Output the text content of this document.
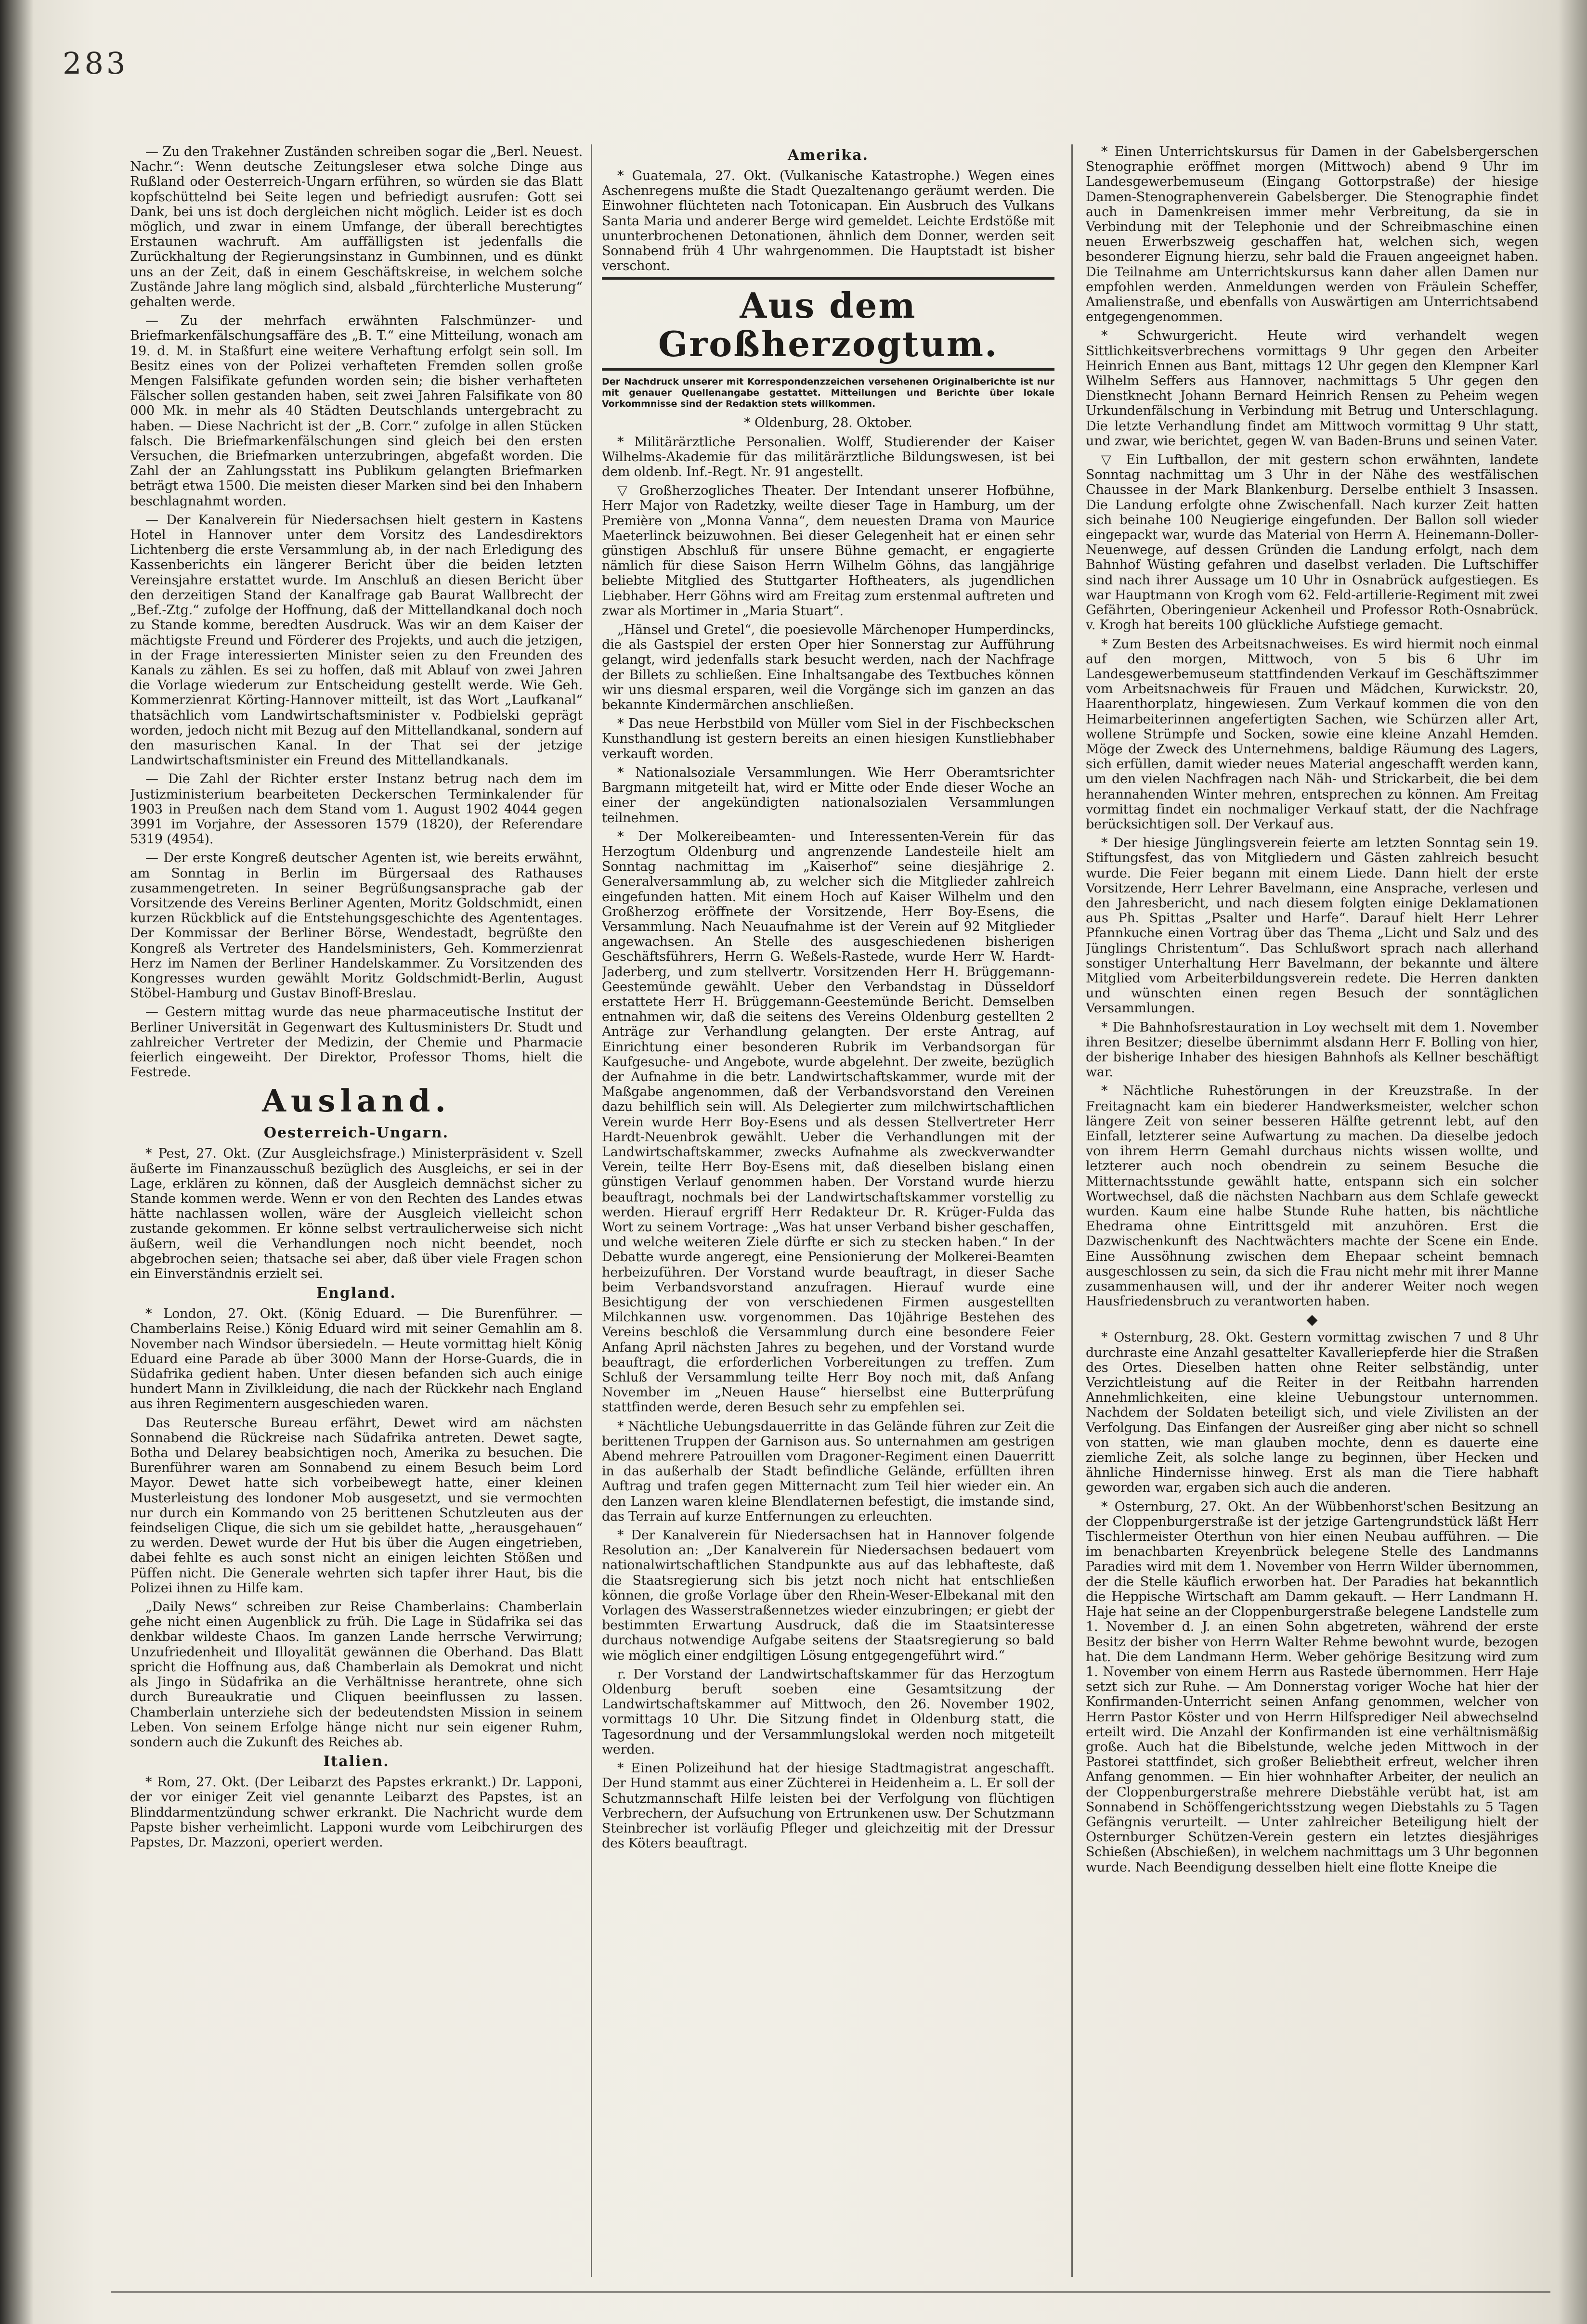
283

— Zu den Trakehner Zuständen schreiben sogar die „Berl. Neuest. Nachr.“: Wenn deutsche Zeitungsleser etwa solche Dinge aus Rußland oder Oesterreich-Ungarn erführen, so würden sie das Blatt kopfschüttelnd bei Seite legen und befriedigt ausrufen: Gott sei Dank, bei uns ist doch dergleichen nicht möglich. Leider ist es doch möglich, und zwar in einem Umfange, der überall berechtigtes Erstaunen wachruft. Am auffälligsten ist jedenfalls die Zurückhaltung der Regierungsinstanz in Gumbinnen, und es dünkt uns an der Zeit, daß in einem Geschäftskreise, in welchem solche Zustände Jahre lang möglich sind, alsbald „fürchterliche Musterung“ gehalten werde.

— Zu der mehrfach erwähnten Falschmünzer- und Briefmarkenfälschungsaffäre des „B. T.“ eine Mitteilung, wonach am 19. d. M. in Staßfurt eine weitere Verhaftung erfolgt sein soll. Im Besitz eines von der Polizei verhafteten Fremden sollen große Mengen Falsifikate gefunden worden sein; die bisher verhafteten Fälscher sollen gestanden haben, seit zwei Jahren Falsifikate von 80 000 Mk. in mehr als 40 Städten Deutschlands untergebracht zu haben. — Diese Nachricht ist der „B. Corr.“ zufolge in allen Stücken falsch. Die Briefmarkenfälschungen sind gleich bei den ersten Versuchen, die Briefmarken unterzubringen, abgefaßt worden. Die Zahl der an Zahlungsstatt ins Publikum gelangten Briefmarken beträgt etwa 1500. Die meisten dieser Marken sind bei den Inhabern beschlagnahmt worden.

— Der Kanalverein für Niedersachsen hielt gestern in Kastens Hotel in Hannover unter dem Vorsitz des Landesdirektors Lichtenberg die erste Versammlung ab, in der nach Erledigung des Kassenberichts ein längerer Bericht über die beiden letzten Vereinsjahre erstattet wurde. Im Anschluß an diesen Bericht über den derzeitigen Stand der Kanalfrage gab Baurat Wallbrecht der „Bef.-Ztg.“ zufolge der Hoffnung, daß der Mittellandkanal doch noch zu Stande komme, beredten Ausdruck. Was wir an dem Kaiser der mächtigste Freund und Förderer des Projekts, und auch die jetzigen, in der Frage interessierten Minister seien zu den Freunden des Kanals zu zählen. Es sei zu hoffen, daß mit Ablauf von zwei Jahren die Vorlage wiederum zur Entscheidung gestellt werde. Wie Geh. Kommerzienrat Körting-Hannover mitteilt, ist das Wort „Laufkanal“ thatsächlich vom Landwirtschaftsminister v. Podbielski geprägt worden, jedoch nicht mit Bezug auf den Mittellandkanal, sondern auf den masurischen Kanal. In der That sei der jetzige Landwirtschaftsminister ein Freund des Mittellandkanals.

— Die Zahl der Richter erster Instanz betrug nach dem im Justizministerium bearbeiteten Deckerschen Terminkalender für 1903 in Preußen nach dem Stand vom 1. August 1902 4044 gegen 3991 im Vorjahre, der Assessoren 1579 (1820), der Referendare 5319 (4954).

— Der erste Kongreß deutscher Agenten ist, wie bereits erwähnt, am Sonntag in Berlin im Bürgersaal des Rathauses zusammengetreten. In seiner Begrüßungsansprache gab der Vorsitzende des Vereins Berliner Agenten, Moritz Goldschmidt, einen kurzen Rückblick auf die Entstehungsgeschichte des Agententages. Der Kommissar der Berliner Börse, Wendestadt, begrüßte den Kongreß als Vertreter des Handelsministers, Geh. Kommerzienrat Herz im Namen der Berliner Handelskammer. Zu Vorsitzenden des Kongresses wurden gewählt Moritz Goldschmidt-Berlin, August Stöbel-Hamburg und Gustav Binoff-Breslau.

— Gestern mittag wurde das neue pharmaceutische Institut der Berliner Universität in Gegenwart des Kultusministers Dr. Studt und zahlreicher Vertreter der Medizin, der Chemie und Pharmacie feierlich eingeweiht. Der Direktor, Professor Thoms, hielt die Festrede.

Ausland.
Oesterreich-Ungarn.

* Pest, 27. Okt. (Zur Ausgleichsfrage.) Ministerpräsident v. Szell äußerte im Finanzausschuß bezüglich des Ausgleichs, er sei in der Lage, erklären zu können, daß der Ausgleich demnächst sicher zu Stande kommen werde. Wenn er von den Rechten des Landes etwas hätte nachlassen wollen, wäre der Ausgleich vielleicht schon zustande gekommen. Er könne selbst vertraulicherweise sich nicht äußern, weil die Verhandlungen noch nicht beendet, noch abgebrochen seien; thatsache sei aber, daß über viele Fragen schon ein Einverständnis erzielt sei.

England.

* London, 27. Okt. (König Eduard. — Die Burenführer. — Chamberlains Reise.) König Eduard wird mit seiner Gemahlin am 8. November nach Windsor übersiedeln. — Heute vormittag hielt König Eduard eine Parade ab über 3000 Mann der Horse-Guards, die in Südafrika gedient haben. Unter diesen befanden sich auch einige hundert Mann in Zivilkleidung, die nach der Rückkehr nach England aus ihren Regimentern ausgeschieden waren.

Das Reutersche Bureau erfährt, Dewet wird am nächsten Sonnabend die Rückreise nach Südafrika antreten. Dewet sagte, Botha und Delarey beabsichtigen noch, Amerika zu besuchen. Die Burenführer waren am Sonnabend zu einem Besuch beim Lord Mayor. Dewet hatte sich vorbeibewegt hatte, einer kleinen Musterleistung des londoner Mob ausgesetzt, und sie vermochten nur durch ein Kommando von 25 berittenen Schutzleuten aus der feindseligen Clique, die sich um sie gebildet hatte, „herausgehauen“ zu werden. Dewet wurde der Hut bis über die Augen eingetrieben, dabei fehlte es auch sonst nicht an einigen leichten Stößen und Püffen nicht. Die Generale wehrten sich tapfer ihrer Haut, bis die Polizei ihnen zu Hilfe kam.

„Daily News“ schreiben zur Reise Chamberlains: Chamberlain gehe nicht einen Augenblick zu früh. Die Lage in Südafrika sei das denkbar wildeste Chaos. Im ganzen Lande herrsche Verwirrung; Unzufriedenheit und Illoyalität gewännen die Oberhand. Das Blatt spricht die Hoffnung aus, daß Chamberlain als Demokrat und nicht als Jingo in Südafrika an die Verhältnisse herantrete, ohne sich durch Bureaukratie und Cliquen beeinflussen zu lassen. Chamberlain unterziehe sich der bedeutendsten Mission in seinem Leben. Von seinem Erfolge hänge nicht nur sein eigener Ruhm, sondern auch die Zukunft des Reiches ab.

Italien.

* Rom, 27. Okt. (Der Leibarzt des Papstes erkrankt.) Dr. Lapponi, der vor einiger Zeit viel genannte Leibarzt des Papstes, ist an Blinddarmentzündung schwer erkrankt. Die Nachricht wurde dem Papste bisher verheimlicht. Lapponi wurde vom Leibchirurgen des Papstes, Dr. Mazzoni, operiert werden.

Amerika.

* Guatemala, 27. Okt. (Vulkanische Katastrophe.) Wegen eines Aschenregens mußte die Stadt Quezaltenango geräumt werden. Die Einwohner flüchteten nach Totonicapan. Ein Ausbruch des Vulkans Santa Maria und anderer Berge wird gemeldet. Leichte Erdstöße mit ununterbrochenen Detonationen, ähnlich dem Donner, werden seit Sonnabend früh 4 Uhr wahrgenommen. Die Hauptstadt ist bisher verschont.

Aus dem Großherzogtum.

Der Nachdruck unserer mit Korrespondenzzeichen versehenen Originalberichte ist nur mit genauer Quellenangabe gestattet. Mitteilungen und Berichte über lokale Vorkommnisse sind der Redaktion stets willkommen.

* Oldenburg, 28. Oktober.

* Militärärztliche Personalien. Wolff, Studierender der Kaiser Wilhelms-Akademie für das militärärztliche Bildungswesen, ist bei dem oldenb. Inf.-Regt. Nr. 91 angestellt.

▽ Großherzogliches Theater. Der Intendant unserer Hofbühne, Herr Major von Radetzky, weilte dieser Tage in Hamburg, um der Première von „Monna Vanna“, dem neuesten Drama von Maurice Maeterlinck beizuwohnen. Bei dieser Gelegenheit hat er einen sehr günstigen Abschluß für unsere Bühne gemacht, er engagierte nämlich für diese Saison Herrn Wilhelm Göhns, das langjährige beliebte Mitglied des Stuttgarter Hoftheaters, als jugendlichen Liebhaber. Herr Göhns wird am Freitag zum erstenmal auftreten und zwar als Mortimer in „Maria Stuart“.

„Hänsel und Gretel“, die poesievolle Märchenoper Humperdincks, die als Gastspiel der ersten Oper hier Sonnerstag zur Aufführung gelangt, wird jedenfalls stark besucht werden, nach der Nachfrage der Billets zu schließen. Eine Inhaltsangabe des Textbuches können wir uns diesmal ersparen, weil die Vorgänge sich im ganzen an das bekannte Kindermärchen anschließen.

* Das neue Herbstbild von Müller vom Siel in der Fischbeckschen Kunsthandlung ist gestern bereits an einen hiesigen Kunstliebhaber verkauft worden.

* Nationalsoziale Versammlungen. Wie Herr Oberamtsrichter Bargmann mitgeteilt hat, wird er Mitte oder Ende dieser Woche an einer der angekündigten nationalsozialen Versammlungen teilnehmen.

* Der Molkereibeamten- und Interessenten-Verein für das Herzogtum Oldenburg und angrenzende Landesteile hielt am Sonntag nachmittag im „Kaiserhof“ seine diesjährige 2. Generalversammlung ab, zu welcher sich die Mitglieder zahlreich eingefunden hatten. Mit einem Hoch auf Kaiser Wilhelm und den Großherzog eröffnete der Vorsitzende, Herr Boy-Esens, die Versammlung. Nach Neuaufnahme ist der Verein auf 92 Mitglieder angewachsen. An Stelle des ausgeschiedenen bisherigen Geschäftsführers, Herrn G. Weßels-Rastede, wurde Herr W. Hardt-Jaderberg, und zum stellvertr. Vorsitzenden Herr H. Brüggemann-Geestemünde gewählt. Ueber den Verbandstag in Düsseldorf erstattete Herr H. Brüggemann-Geestemünde Bericht. Demselben entnahmen wir, daß die seitens des Vereins Oldenburg gestellten 2 Anträge zur Verhandlung gelangten. Der erste Antrag, auf Einrichtung einer besonderen Rubrik im Verbandsorgan für Kaufgesuche- und Angebote, wurde abgelehnt. Der zweite, bezüglich der Aufnahme in die betr. Landwirtschaftskammer, wurde mit der Maßgabe angenommen, daß der Verbandsvorstand den Vereinen dazu behilflich sein will. Als Delegierter zum milchwirtschaftlichen Verein wurde Herr Boy-Esens und als dessen Stellvertreter Herr Hardt-Neuenbrok gewählt. Ueber die Verhandlungen mit der Landwirtschaftskammer, zwecks Aufnahme als zweckverwandter Verein, teilte Herr Boy-Esens mit, daß dieselben bislang einen günstigen Verlauf genommen haben. Der Vorstand wurde hierzu beauftragt, nochmals bei der Landwirtschaftskammer vorstellig zu werden. Hierauf ergriff Herr Redakteur Dr. R. Krüger-Fulda das Wort zu seinem Vortrage: „Was hat unser Verband bisher geschaffen, und welche weiteren Ziele dürfte er sich zu stecken haben.“ In der Debatte wurde angeregt, eine Pensionierung der Molkerei-Beamten herbeizuführen. Der Vorstand wurde beauftragt, in dieser Sache beim Verbandsvorstand anzufragen. Hierauf wurde eine Besichtigung der von verschiedenen Firmen ausgestellten Milchkannen usw. vorgenommen. Das 10jährige Bestehen des Vereins beschloß die Versammlung durch eine besondere Feier Anfang April nächsten Jahres zu begehen, und der Vorstand wurde beauftragt, die erforderlichen Vorbereitungen zu treffen. Zum Schluß der Versammlung teilte Herr Boy noch mit, daß Anfang November im „Neuen Hause“ hierselbst eine Butterprüfung stattfinden werde, deren Besuch sehr zu empfehlen sei.

* Nächtliche Uebungsdauerritte in das Gelände führen zur Zeit die berittenen Truppen der Garnison aus. So unternahmen am gestrigen Abend mehrere Patrouillen vom Dragoner-Regiment einen Dauerritt in das außerhalb der Stadt befindliche Gelände, erfüllten ihren Auftrag und trafen gegen Mitternacht zum Teil hier wieder ein. An den Lanzen waren kleine Blendlaternen befestigt, die imstande sind, das Terrain auf kurze Entfernungen zu erleuchten.

* Der Kanalverein für Niedersachsen hat in Hannover folgende Resolution an: „Der Kanalverein für Niedersachsen bedauert vom nationalwirtschaftlichen Standpunkte aus auf das lebhafteste, daß die Staatsregierung sich bis jetzt noch nicht hat entschließen können, die große Vorlage über den Rhein-Weser-Elbekanal mit den Vorlagen des Wasserstraßennetzes wieder einzubringen; er giebt der bestimmten Erwartung Ausdruck, daß die im Staatsinteresse durchaus notwendige Aufgabe seitens der Staatsregierung so bald wie möglich einer endgiltigen Lösung entgegengeführt wird.“

r. Der Vorstand der Landwirtschaftskammer für das Herzogtum Oldenburg beruft soeben eine Gesamtsitzung der Landwirtschaftskammer auf Mittwoch, den 26. November 1902, vormittags 10 Uhr. Die Sitzung findet in Oldenburg statt, die Tagesordnung und der Versammlungslokal werden noch mitgeteilt werden.

* Einen Polizeihund hat der hiesige Stadtmagistrat angeschafft. Der Hund stammt aus einer Züchterei in Heidenheim a. L. Er soll der Schutzmannschaft Hilfe leisten bei der Verfolgung von flüchtigen Verbrechern, der Aufsuchung von Ertrunkenen usw. Der Schutzmann Steinbrecher ist vorläufig Pfleger und gleichzeitig mit der Dressur des Köters beauftragt.

* Einen Unterrichtskursus für Damen in der Gabelsbergerschen Stenographie eröffnet morgen (Mittwoch) abend 9 Uhr im Landesgewerbemuseum (Eingang Gottorpstraße) der hiesige Damen-Stenographenverein Gabelsberger. Die Stenographie findet auch in Damenkreisen immer mehr Verbreitung, da sie in Verbindung mit der Telephonie und der Schreibmaschine einen neuen Erwerbszweig geschaffen hat, welchen sich, wegen besonderer Eignung hierzu, sehr bald die Frauen angeeignet haben. Die Teilnahme am Unterrichtskursus kann daher allen Damen nur empfohlen werden. Anmeldungen werden von Fräulein Scheffer, Amalienstraße, und ebenfalls von Auswärtigen am Unterrichtsabend entgegengenommen.

* Schwurgericht. Heute wird verhandelt wegen Sittlichkeitsverbrechens vormittags 9 Uhr gegen den Arbeiter Heinrich Ennen aus Bant, mittags 12 Uhr gegen den Klempner Karl Wilhelm Seffers aus Hannover, nachmittags 5 Uhr gegen den Dienstknecht Johann Bernard Heinrich Rensen zu Peheim wegen Urkundenfälschung in Verbindung mit Betrug und Unterschlagung. Die letzte Verhandlung findet am Mittwoch vormittag 9 Uhr statt, und zwar, wie berichtet, gegen W. van Baden-Bruns und seinen Vater.

▽ Ein Luftballon, der mit gestern schon erwähnten, landete Sonntag nachmittag um 3 Uhr in der Nähe des westfälischen Chaussee in der Mark Blankenburg. Derselbe enthielt 3 Insassen. Die Landung erfolgte ohne Zwischenfall. Nach kurzer Zeit hatten sich beinahe 100 Neugierige eingefunden. Der Ballon soll wieder eingepackt war, wurde das Material von Herrn A. Heinemann-Doller-Neuenwege, auf dessen Gründen die Landung erfolgt, nach dem Bahnhof Wüsting gefahren und daselbst verladen. Die Luftschiffer sind nach ihrer Aussage um 10 Uhr in Osnabrück aufgestiegen. Es war Hauptmann von Krogh vom 62. Feld-artillerie-Regiment mit zwei Gefährten, Oberingenieur Ackenheil und Professor Roth-Osnabrück. v. Krogh hat bereits 100 glückliche Aufstiege gemacht.

* Zum Besten des Arbeitsnachweises. Es wird hiermit noch einmal auf den morgen, Mittwoch, von 5 bis 6 Uhr im Landesgewerbemuseum stattfindenden Verkauf im Geschäftszimmer vom Arbeitsnachweis für Frauen und Mädchen, Kurwickstr. 20, Haarenthorplatz, hingewiesen. Zum Verkauf kommen die von den Heimarbeiterinnen angefertigten Sachen, wie Schürzen aller Art, wollene Strümpfe und Socken, sowie eine kleine Anzahl Hemden. Möge der Zweck des Unternehmens, baldige Räumung des Lagers, sich erfüllen, damit wieder neues Material angeschafft werden kann, um den vielen Nachfragen nach Näh- und Strickarbeit, die bei dem herannahenden Winter mehren, entsprechen zu können. Am Freitag vormittag findet ein nochmaliger Verkauf statt, der die Nachfrage berücksichtigen soll. Der Verkauf aus.

* Der hiesige Jünglingsverein feierte am letzten Sonntag sein 19. Stiftungsfest, das von Mitgliedern und Gästen zahlreich besucht wurde. Die Feier begann mit einem Liede. Dann hielt der erste Vorsitzende, Herr Lehrer Bavelmann, eine Ansprache, verlesen und den Jahresbericht, und nach diesem folgten einige Deklamationen aus Ph. Spittas „Psalter und Harfe“. Darauf hielt Herr Lehrer Pfannkuche einen Vortrag über das Thema „Licht und Salz und des Jünglings Christentum“. Das Schlußwort sprach nach allerhand sonstiger Unterhaltung Herr Bavelmann, der bekannte und ältere Mitglied vom Arbeiterbildungsverein redete. Die Herren dankten und wünschten einen regen Besuch der sonntäglichen Versammlungen.

* Die Bahnhofsrestauration in Loy wechselt mit dem 1. November ihren Besitzer; dieselbe übernimmt alsdann Herr F. Bolling von hier, der bisherige Inhaber des hiesigen Bahnhofs als Kellner beschäftigt war.

* Nächtliche Ruhestörungen in der Kreuzstraße. In der Freitagnacht kam ein biederer Handwerksmeister, welcher schon längere Zeit von seiner besseren Hälfte getrennt lebt, auf den Einfall, letzterer seine Aufwartung zu machen. Da dieselbe jedoch von ihrem Herrn Gemahl durchaus nichts wissen wollte, und letzterer auch noch obendrein zu seinem Besuche die Mitternachtsstunde gewählt hatte, entspann sich ein solcher Wortwechsel, daß die nächsten Nachbarn aus dem Schlafe geweckt wurden. Kaum eine halbe Stunde Ruhe hatten, bis nächtliche Ehedrama ohne Eintrittsgeld mit anzuhören. Erst die Dazwischenkunft des Nachtwächters machte der Scene ein Ende. Eine Aussöhnung zwischen dem Ehepaar scheint bemnach ausgeschlossen zu sein, da sich die Frau nicht mehr mit ihrer Manne zusammenhausen will, und der ihr anderer Weiter noch wegen Hausfriedensbruch zu verantworten haben.

◆

* Osternburg, 28. Okt. Gestern vormittag zwischen 7 und 8 Uhr durchraste eine Anzahl gesattelter Kavalleriepferde hier die Straßen des Ortes. Dieselben hatten ohne Reiter selbständig, unter Verzichtleistung auf die Reiter in der Reitbahn harrenden Annehmlichkeiten, eine kleine Uebungstour unternommen. Nachdem der Soldaten beteiligt sich, und viele Zivilisten an der Verfolgung. Das Einfangen der Ausreißer ging aber nicht so schnell von statten, wie man glauben mochte, denn es dauerte eine ziemliche Zeit, als solche lange zu beginnen, über Hecken und ähnliche Hindernisse hinweg. Erst als man die Tiere habhaft geworden war, ergaben sich auch die anderen.

* Osternburg, 27. Okt. An der Wübbenhorst'schen Besitzung an der Cloppenburgerstraße ist der jetzige Gartengrundstück läßt Herr Tischlermeister Oterthun von hier einen Neubau aufführen. — Die im benachbarten Kreyenbrück belegene Stelle des Landmanns Paradies wird mit dem 1. November von Herrn Wilder übernommen, der die Stelle käuflich erworben hat. Der Paradies hat bekanntlich die Heppische Wirtschaft am Damm gekauft. — Herr Landmann H. Haje hat seine an der Cloppenburgerstraße belegene Landstelle zum 1. November d. J. an einen Sohn abgetreten, während der erste Besitz der bisher von Herrn Walter Rehme bewohnt wurde, bezogen hat. Die dem Landmann Herm. Weber gehörige Besitzung wird zum 1. November von einem Herrn aus Rastede übernommen. Herr Haje setzt sich zur Ruhe. — Am Donnerstag voriger Woche hat hier der Konfirmanden-Unterricht seinen Anfang genommen, welcher von Herrn Pastor Köster und von Herrn Hilfsprediger Neil abwechselnd erteilt wird. Die Anzahl der Konfirmanden ist eine verhältnismäßig große. Auch hat die Bibelstunde, welche jeden Mittwoch in der Pastorei stattfindet, sich großer Beliebtheit erfreut, welcher ihren Anfang genommen. — Ein hier wohnhafter Arbeiter, der neulich an der Cloppenburgerstraße mehrere Diebstähle verübt hat, ist am Sonnabend in Schöffengerichtsstzung wegen Diebstahls zu 5 Tagen Gefängnis verurteilt. — Unter zahlreicher Beteiligung hielt der Osternburger Schützen-Verein gestern ein letztes diesjähriges Schießen (Abschießen), in welchem nachmittags um 3 Uhr begonnen wurde. Nach Beendigung desselben hielt eine flotte Kneipe die
